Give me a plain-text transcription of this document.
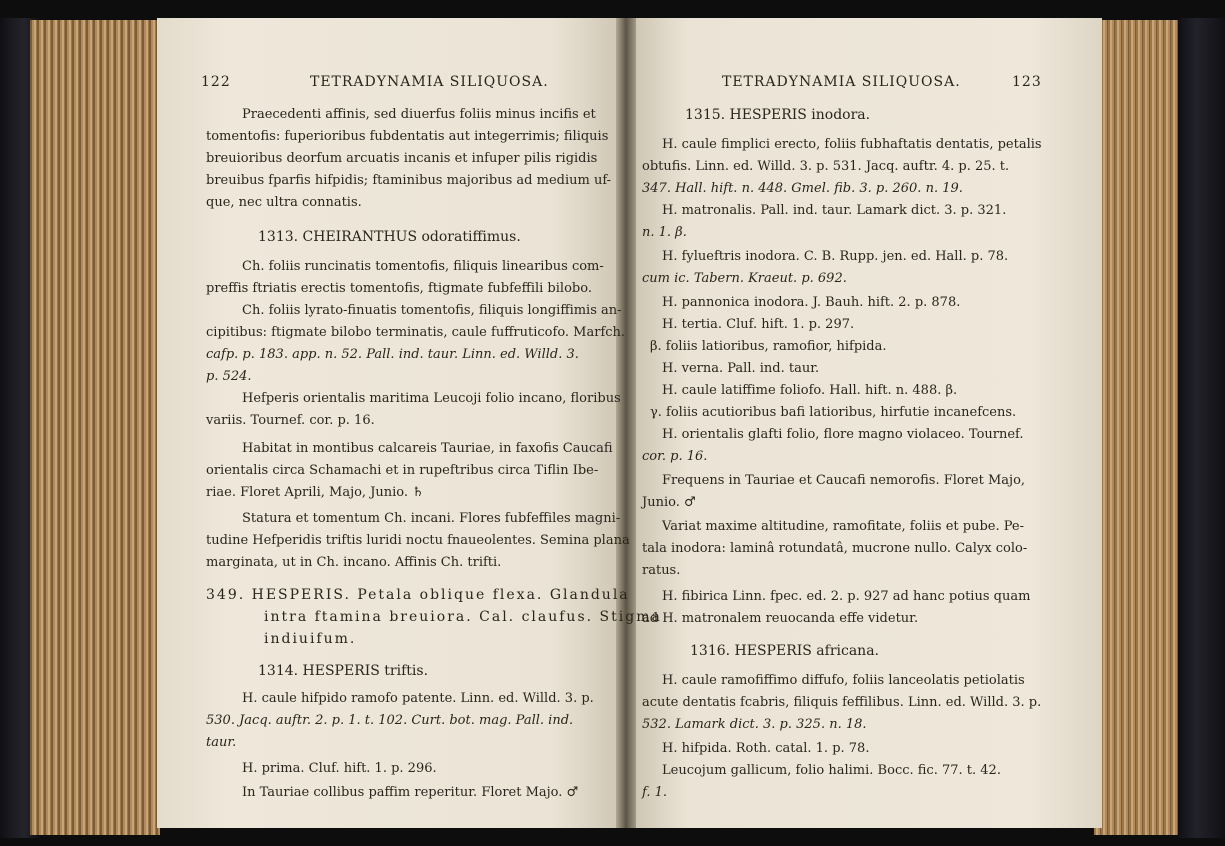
122	TETRADYNAMIA SILIQUOSA.
Praecedenti affinis, sed diuerfus foliis minus incifis et
tomentofis: fuperioribus fubdentatis aut integerrimis; filiquis
breuioribus deorfum arcuatis incanis et infuper pilis rigidis
breuibus fparfis hifpidis; ftaminibus majoribus ad medium uf-
que, nec ultra connatis.
1313. CHEIRANTHUS odoratiffimus.
Ch. foliis runcinatis tomentofis, filiquis linearibus com-
preffis ftriatis erectis tomentofis, ftigmate fubfeffili bilobo.
Ch. foliis lyrato-finuatis tomentofis, filiquis longiffimis an-
cipitibus: ftigmate bilobo terminatis, caule fuffruticofo. Marfch.
cafp. p. 183. app. n. 52. Pall. ind. taur. Linn. ed. Willd. 3.
p. 524.
Hefperis orientalis maritima Leucoji folio incano, floribus
variis. Tournef. cor. p. 16.
Habitat in montibus calcareis Tauriae, in faxofis Caucafi
orientalis circa Schamachi et in rupeftribus circa Tiflin Ibe-
riae. Floret Aprili, Majo, Junio. ♄
Statura et tomentum Ch. incani. Flores fubfeffiles magni-
tudine Hefperidis triftis luridi noctu fnaueolentes. Semina plana
marginata, ut in Ch. incano. Affinis Ch. trifti.
349. HESPERIS. Petala oblique flexa. Glandula
intra ftamina breuiora. Cal. claufus. Stigma
indiuifum.
1314. HESPERIS triftis.
H. caule hifpido ramofo patente. Linn. ed. Willd. 3. p.
530. Jacq. auftr. 2. p. 1. t. 102. Curt. bot. mag. Pall. ind.
taur.
H. prima. Cluf. hift. 1. p. 296.
In Tauriae collibus paffim reperitur. Floret Majo. ♂
TETRADYNAMIA SILIQUOSA.	123
1315. HESPERIS inodora.
H. caule fimplici erecto, foliis fubhaftatis dentatis, petalis
obtufis. Linn. ed. Willd. 3. p. 531. Jacq. auftr. 4. p. 25. t.
347. Hall. hift. n. 448. Gmel. fib. 3. p. 260. n. 19.
H. matronalis. Pall. ind. taur. Lamark dict. 3. p. 321.
n. 1. β.
H. fylueftris inodora. C. B. Rupp. jen. ed. Hall. p. 78.
cum ic. Tabern. Kraeut. p. 692.
H. pannonica inodora. J. Bauh. hift. 2. p. 878.
H. tertia. Cluf. hift. 1. p. 297.
β. foliis latioribus, ramofior, hifpida.
H. verna. Pall. ind. taur.
H. caule latiffime foliofo. Hall. hift. n. 488. β.
γ. foliis acutioribus bafi latioribus, hirfutie incanefcens.
H. orientalis glafti folio, flore magno violaceo. Tournef.
cor. p. 16.
Frequens in Tauriae et Caucafi nemorofis. Floret Majo,
Junio. ♂
Variat maxime altitudine, ramofitate, foliis et pube. Pe-
tala inodora: laminâ rotundatâ, mucrone nullo. Calyx colo-
ratus.
H. fibirica Linn. fpec. ed. 2. p. 927 ad hanc potius quam
ad H. matronalem reuocanda effe videtur.
1316. HESPERIS africana.
H. caule ramofiffimo diffufo, foliis lanceolatis petiolatis
acute dentatis fcabris, filiquis feffilibus. Linn. ed. Willd. 3. p.
532. Lamark dict. 3. p. 325. n. 18.
H. hifpida. Roth. catal. 1. p. 78.
Leucojum gallicum, folio halimi. Bocc. fic. 77. t. 42.
f. 1.
